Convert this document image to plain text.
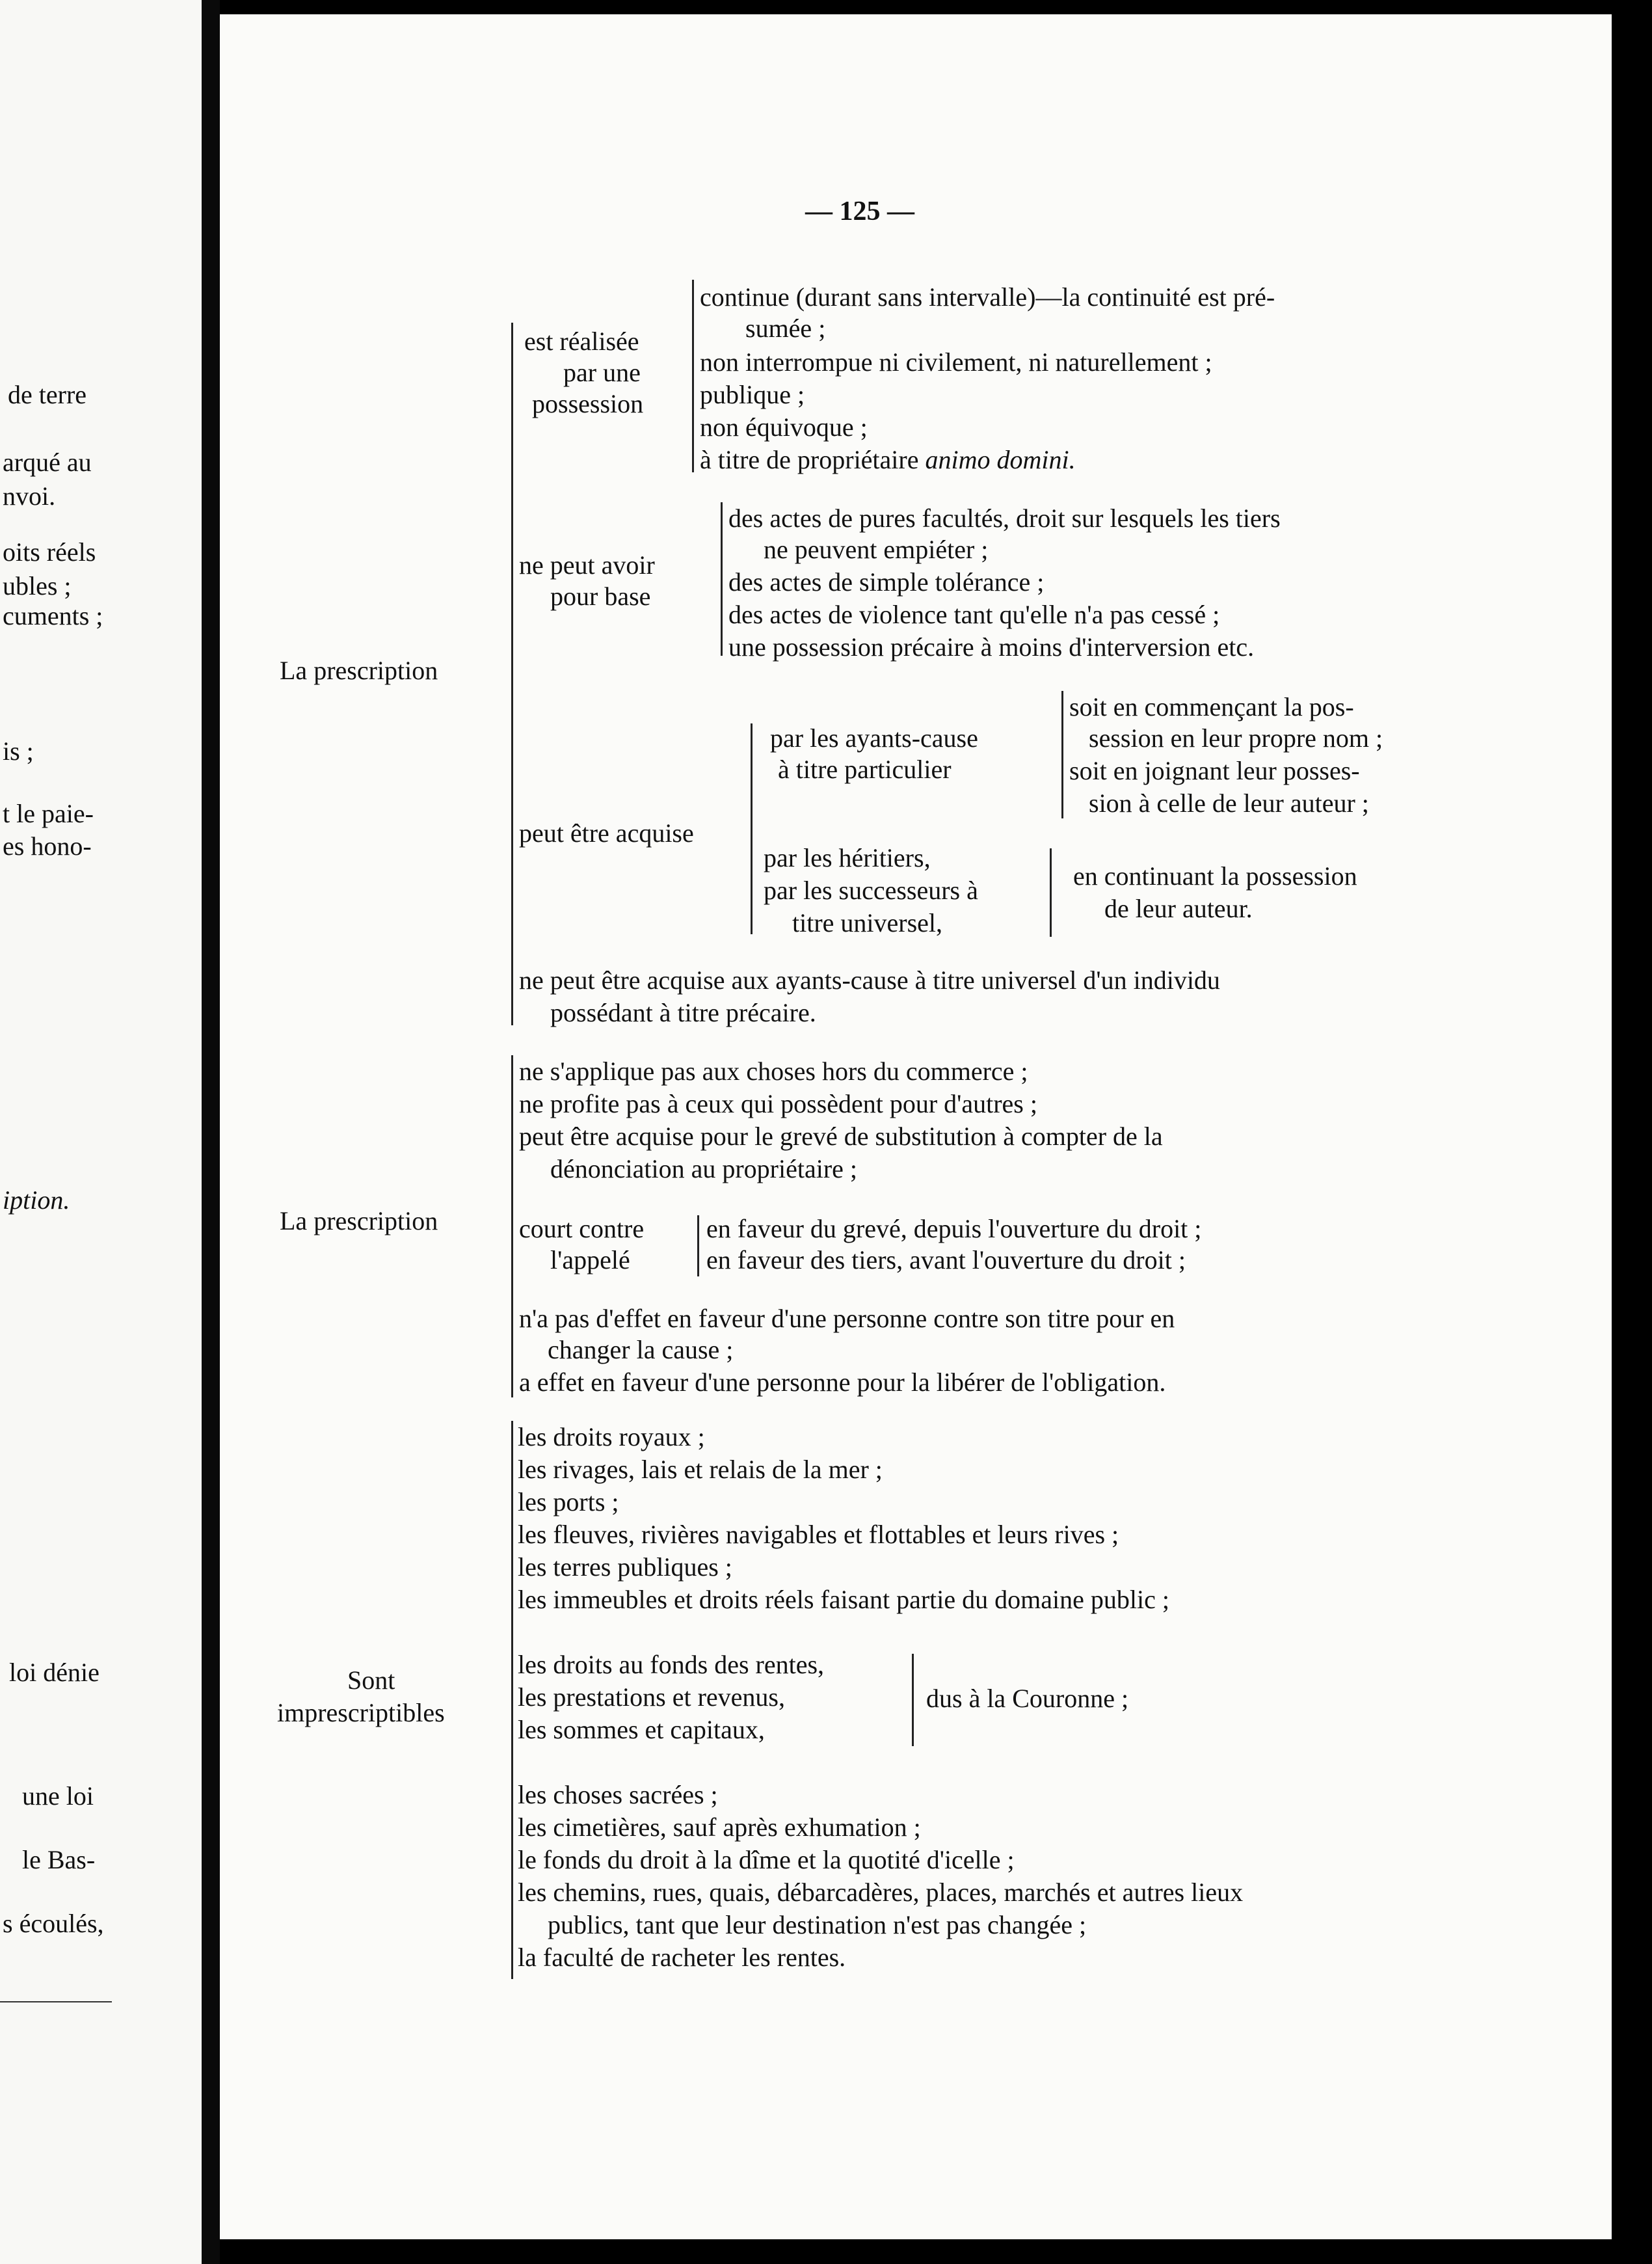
de terre
arqué au
nvoi.
oits réels
ubles ;
cuments ;
is ;
t le paie-
es hono-
iption.
loi dénie
une loi
le Bas-
s écoulés,
— 125 —
La prescription
est réalisée
par une
possession
continue (durant sans intervalle)—la continuité est pré-
sumée ;
non interrompue ni civilement, ni naturellement ;
publique ;
non équivoque ;
à titre de propriétaire animo domini.
ne peut avoir
pour base
des actes de pures facultés, droit sur lesquels les tiers
ne peuvent empiéter ;
des actes de simple tolérance ;
des actes de violence tant qu'elle n'a pas cessé ;
une possession précaire à moins d'interversion etc.
peut être acquise
par les ayants-cause
à titre particulier
soit en commençant la pos-
session en leur propre nom ;
soit en joignant leur posses-
sion à celle de leur auteur ;
par les héritiers,
par les successeurs à
titre universel,
en continuant la possession
de leur auteur.
ne peut être acquise aux ayants-cause à titre universel d'un individu
possédant à titre précaire.
La prescription
ne s'applique pas aux choses hors du commerce ;
ne profite pas à ceux qui possèdent pour d'autres ;
peut être acquise pour le grevé de substitution à compter de la
dénonciation au propriétaire ;
court contre
l'appelé
en faveur du grevé, depuis l'ouverture du droit ;
en faveur des tiers, avant l'ouverture du droit ;
n'a pas d'effet en faveur d'une personne contre son titre pour en
changer la cause ;
a effet en faveur d'une personne pour la libérer de l'obligation.
Sont
imprescriptibles
les droits royaux ;
les rivages, lais et relais de la mer ;
les ports ;
les fleuves, rivières navigables et flottables et leurs rives ;
les terres publiques ;
les immeubles et droits réels faisant partie du domaine public ;
les droits au fonds des rentes,
les prestations et revenus,
les sommes et capitaux,
dus à la Couronne ;
les choses sacrées ;
les cimetières, sauf après exhumation ;
le fonds du droit à la dîme et la quotité d'icelle ;
les chemins, rues, quais, débarcadères, places, marchés et autres lieux
publics, tant que leur destination n'est pas changée ;
la faculté de racheter les rentes.
